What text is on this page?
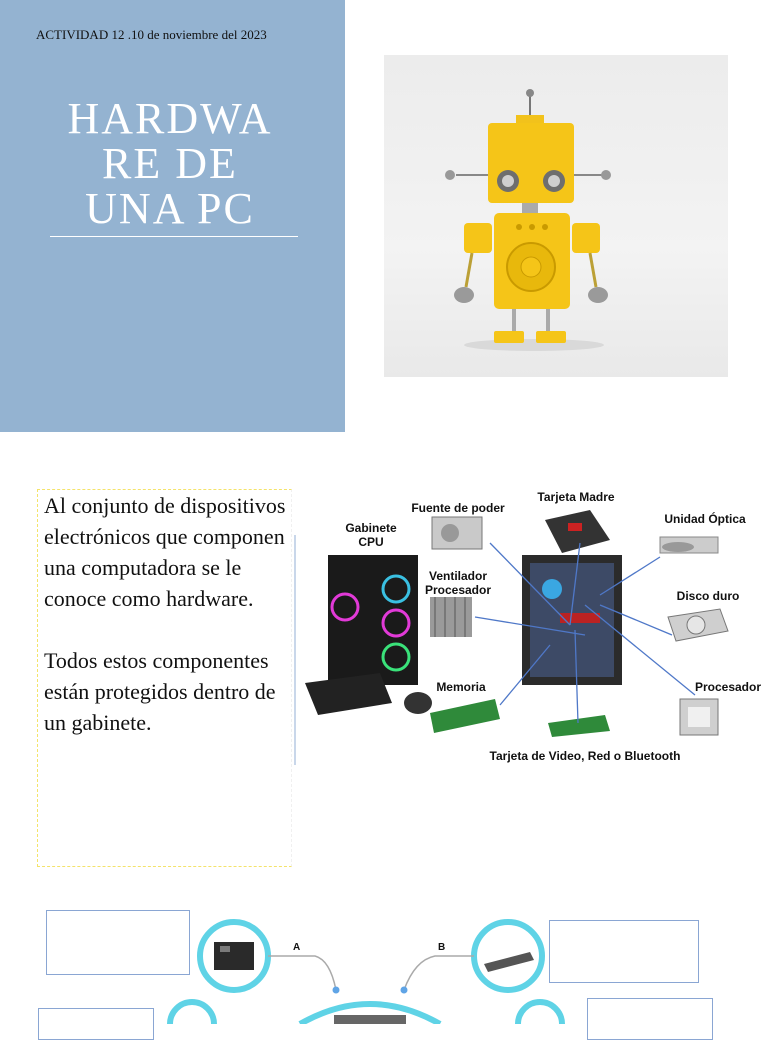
ACTIVIDAD 12 .10 de noviembre del 2023
HARDWA
RE DE
UNA PC

Al conjunto de dispositivos electrónicos que componen una computadora se le conoce como hardware.

Todos estos componentes están protegidos dentro de un gabinete.

Gabinete CPU
Fuente de poder
Tarjeta Madre
Unidad Óptica
Ventilador Procesador	Disco duro
Memoria	Procesador
Tarjeta de Video, Red o Bluetooth
A	B
